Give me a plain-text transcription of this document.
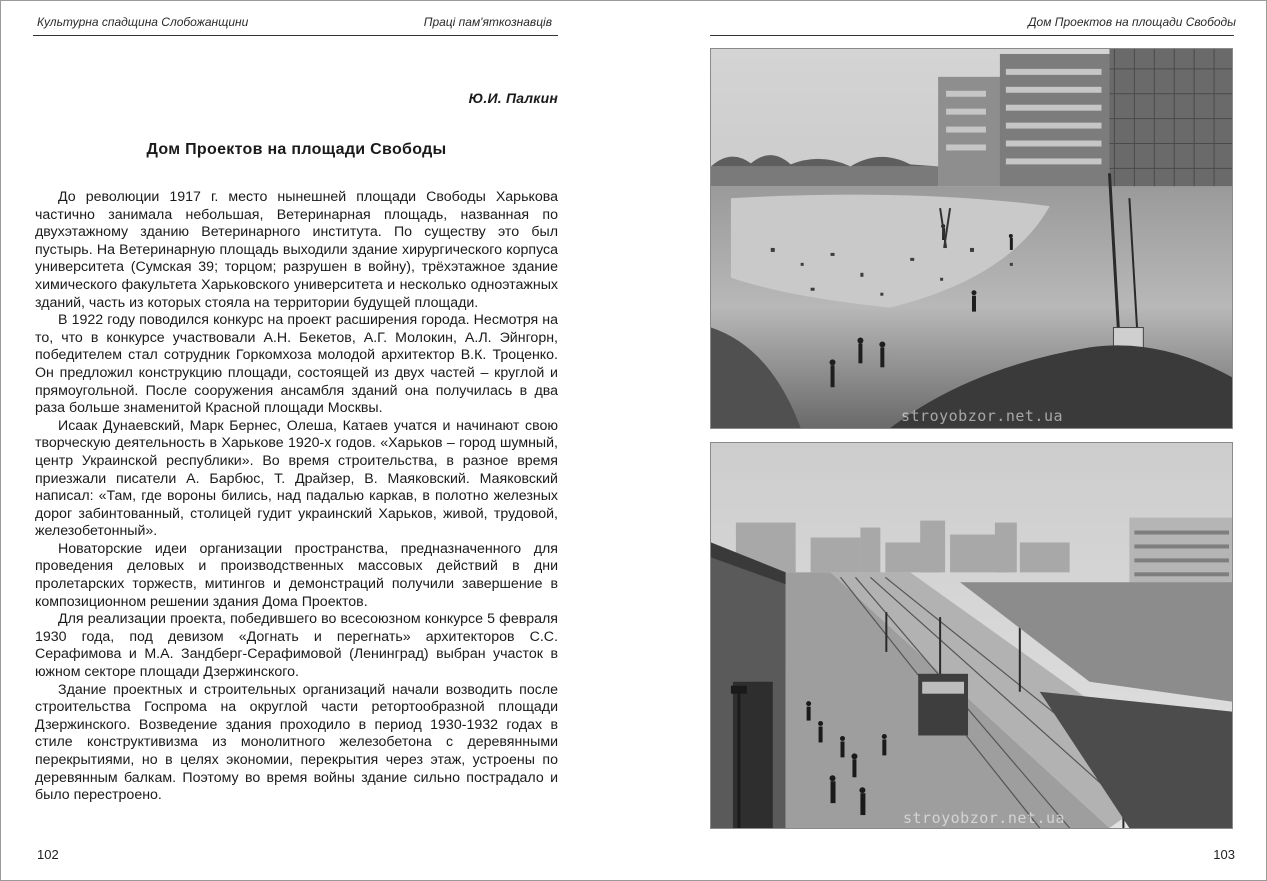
Культурна спадщина Слобожанщини	Праці пам'яткознавців
Ю.И. Палкин
Дом Проектов на площади Свободы

До революции 1917 г. место нынешней площади Свободы Харькова частично занимала небольшая, Ветеринарная площадь, названная по двухэтажному зданию Ветеринарного института. По существу это был пустырь. На Ветеринарную площадь выходили здание хирургического корпуса университета (Сумская 39; торцом; разрушен в войну), трёхэтажное здание химического факультета Харьковского университета и несколько одноэтажных зданий, часть из которых стояла на территории будущей площади.

В 1922 году поводился конкурс на проект расширения города. Несмотря на то, что в конкурсе участвовали А.Н. Бекетов, А.Г. Молокин, А.Л. Эйнгорн, победителем стал сотрудник Горкомхоза молодой архитектор В.К. Троценко. Он предложил конструкцию площади, состоящей из двух частей – круглой и прямоугольной. После сооружения ансамбля зданий она получилась в два раза больше знаменитой Красной площади Москвы.

Исаак Дунаевский, Марк Бернес, Олеша, Катаев учатся и начинают свою творческую деятельность в Харькове 1920-х годов. «Харьков – город шумный, центр Украинской республики». Во время строительства, в разное время приезжали писатели А. Барбюс, Т. Драйзер, В. Маяковский. Маяковский написал: «Там, где вороны бились, над падалью каркав, в полотно железных дорог забинтованный, столицей гудит украинский Харьков, живой, трудовой, железобетонный».

Новаторские идеи организации пространства, предназначенного для проведения деловых и производственных массовых действий в дни пролетарских торжеств, митингов и демонстраций получили завершение в композиционном решении здания Дома Проектов.

Для реализации проекта, победившего во всесоюзном конкурсе 5 февраля 1930 года, под девизом «Догнать и перегнать» архитекторов С.С. Серафимова и М.А. Зандберг-Серафимовой (Ленинград) выбран участок в южном секторе площади Дзержинского.

Здание проектных и строительных организаций начали возводить после строительства Госпрома на округлой части ретортообразной площади Дзержинского. Возведение здания проходило в период 1930-1932 годах в стиле конструктивизма из монолитного железобетона с деревянными перекрытиями, но в целях экономии, перекрытия через этаж, устроены по деревянным балкам. Поэтому во время войны здание сильно пострадало и было перестроено.

102
Дом Проектов на площади Свободы
stroyobzor.net.ua
stroyobzor.net.ua
103
